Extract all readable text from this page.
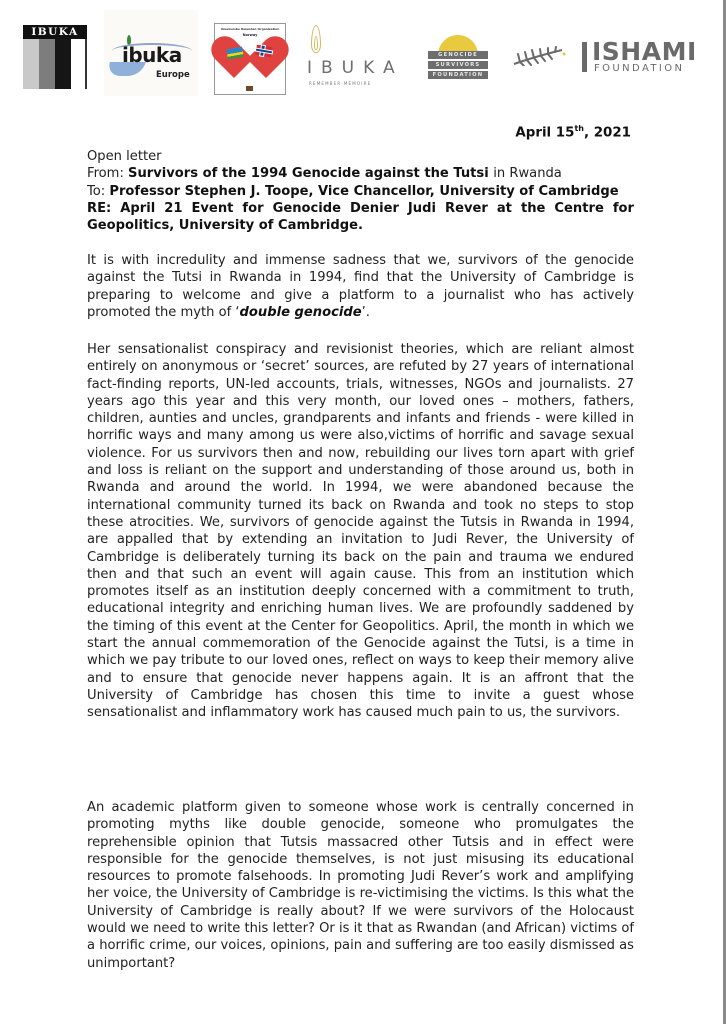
IBUKA
ibuka
Europe
Umubumbe Rwandan Organization
Norway
IBUKA
REMEMBER·MÉMOIRE
GENOCIDE
SURVIVORS
FOUNDATION
ISHAMI
FOUNDATION
April 15th, 2021
Open letter
From: Survivors of the 1994 Genocide against the Tutsi in Rwanda
To: Professor Stephen J. Toope, Vice Chancellor, University of Cambridge
RE: April 21 Event for Genocide Denier Judi Rever at the Centre for Geopolitics, University of Cambridge.

It is with incredulity and immense sadness that we, survivors of the genocide against the Tutsi in Rwanda in 1994, find that the University of Cambridge is preparing to welcome and give a platform to a journalist who has actively promoted the myth of ‘double genocide’.

Her sensationalist conspiracy and revisionist theories, which are reliant almost entirely on anonymous or ‘secret’ sources, are refuted by 27 years of international fact-finding reports, UN-led accounts, trials, witnesses, NGOs and journalists. 27 years ago this year and this very month, our loved ones – mothers, fathers, children, aunties and uncles, grandparents and infants and friends - were killed in horrific ways and many among us were also,victims of horrific and savage sexual violence. For us survivors then and now, rebuilding our lives torn apart with grief and loss is reliant on the support and understanding of those around us, both in Rwanda and around the world. In 1994, we were abandoned because the international community turned its back on Rwanda and took no steps to stop these atrocities. We, survivors of genocide against the Tutsis in Rwanda in 1994, are appalled that by extending an invitation to Judi Rever, the University of Cambridge is deliberately turning its back on the pain and trauma we endured then and that such an event will again cause. This from an institution which promotes itself as an institution deeply concerned with a commitment to truth, educational integrity and enriching human lives. We are profoundly saddened by the timing of this event at the Center for Geopolitics. April, the month in which we start the annual commemoration of the Genocide against the Tutsi, is a time in which we pay tribute to our loved ones, reflect on ways to keep their memory alive and to ensure that genocide never happens again. It is an affront that the University of Cambridge has chosen this time to invite a guest whose sensationalist and inflammatory work has caused much pain to us, the survivors.

An academic platform given to someone whose work is centrally concerned in promoting myths like double genocide, someone who promulgates the reprehensible opinion that Tutsis massacred other Tutsis and in effect were responsible for the genocide themselves, is not just misusing its educational resources to promote falsehoods. In promoting Judi Rever’s work and amplifying her voice, the University of Cambridge is re-victimising the victims. Is this what the University of Cambridge is really about? If we were survivors of the Holocaust would we need to write this letter? Or is it that as Rwandan (and African) victims of a horrific crime, our voices, opinions, pain and suffering are too easily dismissed as unimportant?
